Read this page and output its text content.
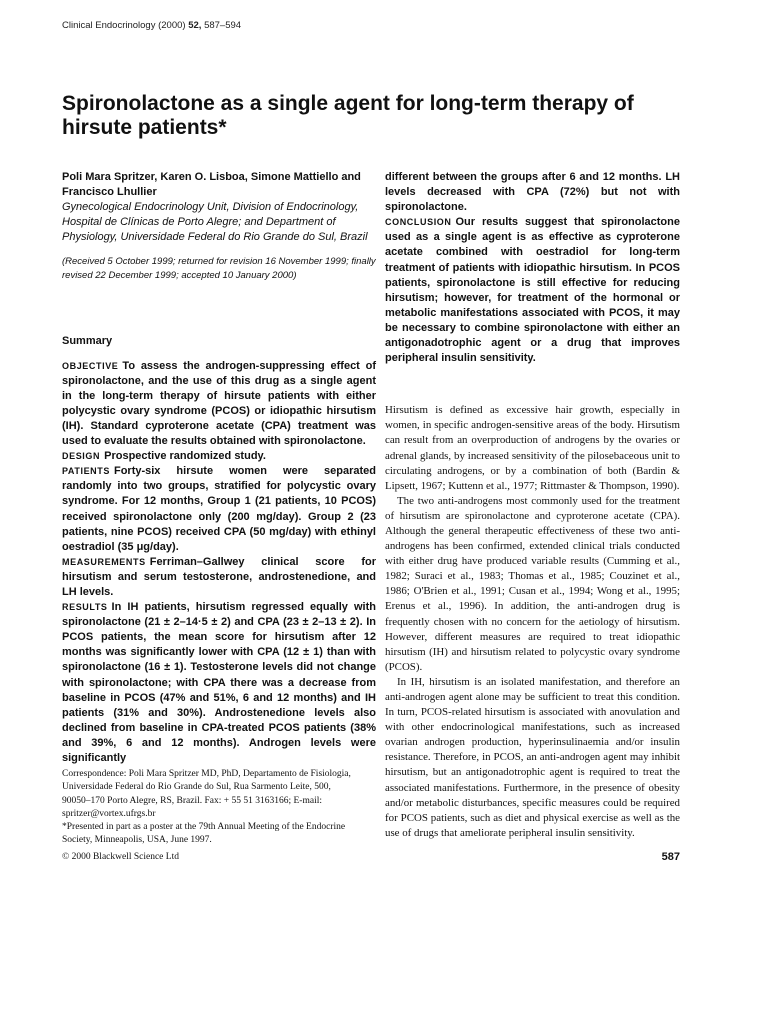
Clinical Endocrinology (2000) 52, 587–594
Spironolactone as a single agent for long-term therapy of hirsute patients*
Poli Mara Spritzer, Karen O. Lisboa, Simone Mattiello and Francisco Lhullier
Gynecological Endocrinology Unit, Division of Endocrinology, Hospital de Clínicas de Porto Alegre; and Department of Physiology, Universidade Federal do Rio Grande do Sul, Brazil
(Received 5 October 1999; returned for revision 16 November 1999; finally revised 22 December 1999; accepted 10 January 2000)
Summary

OBJECTIVE To assess the androgen-suppressing effect of spironolactone, and the use of this drug as a single agent in the long-term therapy of hirsute patients with either polycystic ovary syndrome (PCOS) or idiopathic hirsutism (IH). Standard cyproterone acetate (CPA) treatment was used to evaluate the results obtained with spironolactone.

DESIGN Prospective randomized study.

PATIENTS Forty-six hirsute women were separated randomly into two groups, stratified for polycystic ovary syndrome. For 12 months, Group 1 (21 patients, 10 PCOS) received spironolactone only (200 mg/day). Group 2 (23 patients, nine PCOS) received CPA (50 mg/day) with ethinyl oestradiol (35 μg/day).

MEASUREMENTS Ferriman–Gallwey clinical score for hirsutism and serum testosterone, androstenedione, and LH levels.

RESULTS In IH patients, hirsutism regressed equally with spironolactone (21 ± 2–14·5 ± 2) and CPA (23 ± 2–13 ± 2). In PCOS patients, the mean score for hirsutism after 12 months was significantly lower with CPA (12 ± 1) than with spironolactone (16 ± 1). Testosterone levels did not change with spironolactone; with CPA there was a decrease from baseline in PCOS (47% and 51%, 6 and 12 months) and IH patients (31% and 30%). Androstenedione levels also declined from baseline in CPA-treated PCOS patients (38% and 39%, 6 and 12 months). Androgen levels were significantly

different between the groups after 6 and 12 months. LH levels decreased with CPA (72%) but not with spironolactone.

CONCLUSION Our results suggest that spironolactone used as a single agent is as effective as cyproterone acetate combined with oestradiol for long-term treatment of patients with idiopathic hirsutism. In PCOS patients, spironolactone is still effective for reducing hirsutism; however, for treatment of the hormonal or metabolic manifestations associated with PCOS, it may be necessary to combine spironolactone with either an antigonadotrophic agent or a drug that improves peripheral insulin sensitivity.

Hirsutism is defined as excessive hair growth, especially in women, in specific androgen-sensitive areas of the body. Hirsutism can result from an overproduction of androgens by the ovaries or adrenal glands, by increased sensitivity of the pilosebaceous unit to circulating androgens, or by a combination of both (Bardin & Lipsett, 1967; Kuttenn et al., 1977; Rittmaster & Thompson, 1990).

The two anti-androgens most commonly used for the treatment of hirsutism are spironolactone and cyproterone acetate (CPA). Although the general therapeutic effectiveness of these two anti-androgens has been confirmed, extended clinical trials conducted with either drug have produced variable results (Cumming et al., 1982; Suraci et al., 1983; Thomas et al., 1985; Couzinet et al., 1986; O'Brien et al., 1991; Cusan et al., 1994; Wong et al., 1995; Erenus et al., 1996). In addition, the anti-androgen drug is frequently chosen with no concern for the aetiology of hirsutism. However, different measures are required to treat idiopathic hirsutism (IH) and hirsutism related to polycystic ovary syndrome (PCOS).

In IH, hirsutism is an isolated manifestation, and therefore an anti-androgen agent alone may be sufficient to treat this condition. In turn, PCOS-related hirsutism is associated with anovulation and with other endocrinological manifestations, such as increased ovarian androgen production, hyperinsulinaemia and/or insulin resistance. Therefore, in PCOS, an anti-androgen agent may inhibit hirsutism, but an antigonadotrophic agent is required to treat the associated manifestations. Furthermore, in the presence of obesity and/or metabolic disturbances, specific measures could be required for PCOS patients, such as diet and physical exercise as well as the use of drugs that ameliorate peripheral insulin sensitivity.

Correspondence: Poli Mara Spritzer MD, PhD, Departamento de Fisiologia, Universidade Federal do Rio Grande do Sul, Rua Sarmento Leite, 500, 90050–170 Porto Alegre, RS, Brazil. Fax: + 55 51 3163166; E-mail: spritzer@vortex.ufrgs.br

*Presented in part as a poster at the 79th Annual Meeting of the Endocrine Society, Minneapolis, USA, June 1997.

© 2000 Blackwell Science Ltd	587
